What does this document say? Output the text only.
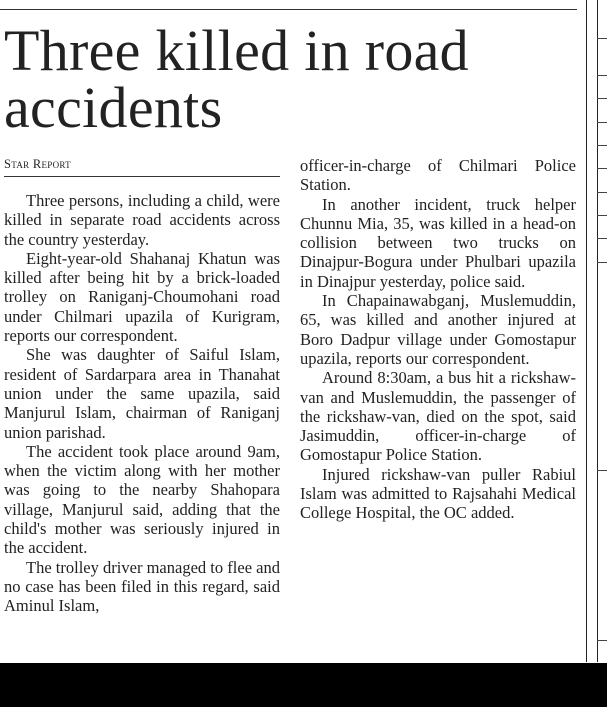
Three killed in road accidents
Star Report

Three persons, including a child, were killed in separate road accidents across the country yesterday.

Eight-year-old Shahanaj Khatun was killed after being hit by a brick-loaded trolley on Raniganj-Choumohani road under Chilmari upazila of Kurigram, reports our correspondent.

She was daughter of Saiful Islam, resident of Sardarpara area in Thanahat union under the same upazila, said Manjurul Islam, chairman of Raniganj union parishad.

The accident took place around 9am, when the victim along with her mother was going to the nearby Shahopara village, Manjurul said, adding that the child's mother was seriously injured in the accident.

The trolley driver managed to flee and no case has been filed in this regard, said Aminul Islam,

officer-in-charge of Chilmari Police Station.

In another incident, truck helper Chunnu Mia, 35, was killed in a head-on collision between two trucks on Dinajpur-Bogura under Phulbari upazila in Dinajpur yesterday, police said.

In Chapainawabganj, Muslemuddin, 65, was killed and another injured at Boro Dadpur village under Gomostapur upazila, reports our correspondent.

Around 8:30am, a bus hit a rickshaw-van and Muslemuddin, the passenger of the rickshaw-van, died on the spot, said Jasimuddin, officer-in-charge of Gomostapur Police Station.

Injured rickshaw-van puller Rabiul Islam was admitted to Rajsahahi Medical College Hospital, the OC added.
